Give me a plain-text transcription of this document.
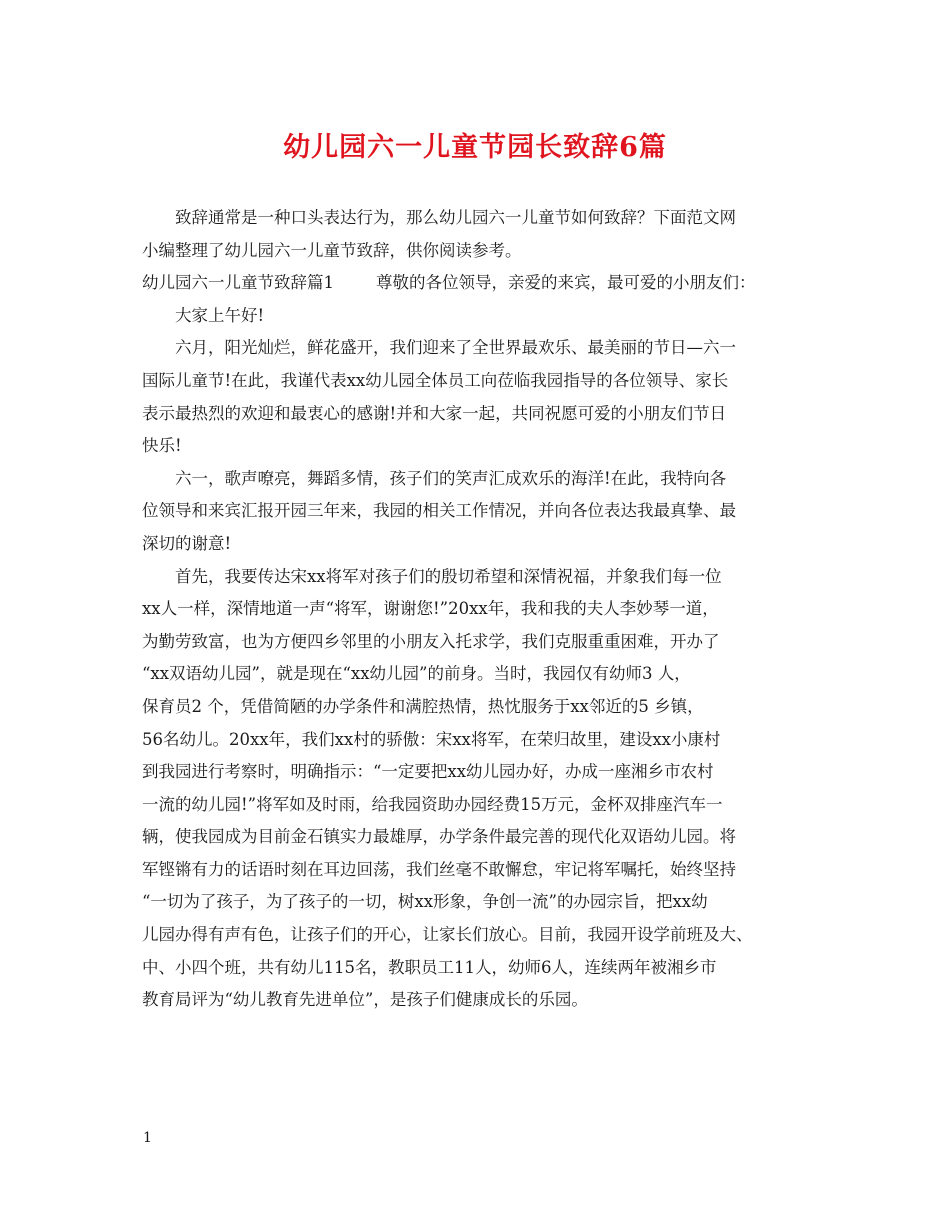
幼儿园六一儿童节园长致辞6篇
致辞通常是一种口头表达行为，那么幼儿园六一儿童节如何致辞？下面范文网
小编整理了幼儿园六一儿童节致辞，供你阅读参考。
幼儿园六一儿童节致辞篇1	尊敬的各位领导，亲爱的来宾，最可爱的小朋友们：
大家上午好!
六月，阳光灿烂，鲜花盛开，我们迎来了全世界最欢乐、最美丽的节日—六一
国际儿童节!在此，我谨代表xx幼儿园全体员工向莅临我园指导的各位领导、家长
表示最热烈的欢迎和最衷心的感谢!并和大家一起，共同祝愿可爱的小朋友们节日
快乐!
六一，歌声嘹亮，舞蹈多情，孩子们的笑声汇成欢乐的海洋!在此，我特向各
位领导和来宾汇报开园三年来，我园的相关工作情况，并向各位表达我最真挚、最
深切的谢意!
首先，我要传达宋xx将军对孩子们的殷切希望和深情祝福，并象我们每一位
xx人一样，深情地道一声“将军，谢谢您!”20xx年，我和我的夫人李妙琴一道，
为勤劳致富，也为方便四乡邻里的小朋友入托求学，我们克服重重困难，开办了
“xx双语幼儿园”，就是现在“xx幼儿园”的前身。当时，我园仅有幼师3 人，
保育员2 个，凭借简陋的办学条件和满腔热情，热忱服务于xx邻近的5 乡镇，
56名幼儿。20xx年，我们xx村的骄傲：宋xx将军，在荣归故里，建设xx小康村
到我园进行考察时，明确指示：“一定要把xx幼儿园办好，办成一座湘乡市农村
一流的幼儿园!”将军如及时雨，给我园资助办园经费15万元，金杯双排座汽车一
辆，使我园成为目前金石镇实力最雄厚，办学条件最完善的现代化双语幼儿园。将
军铿锵有力的话语时刻在耳边回荡，我们丝毫不敢懈怠，牢记将军嘱托，始终坚持
“一切为了孩子，为了孩子的一切，树xx形象，争创一流”的办园宗旨，把xx幼
儿园办得有声有色，让孩子们的开心，让家长们放心。目前，我园开设学前班及大、
中、小四个班，共有幼儿115名，教职员工11人，幼师6人，连续两年被湘乡市
教育局评为“幼儿教育先进单位”，是孩子们健康成长的乐园。
1
